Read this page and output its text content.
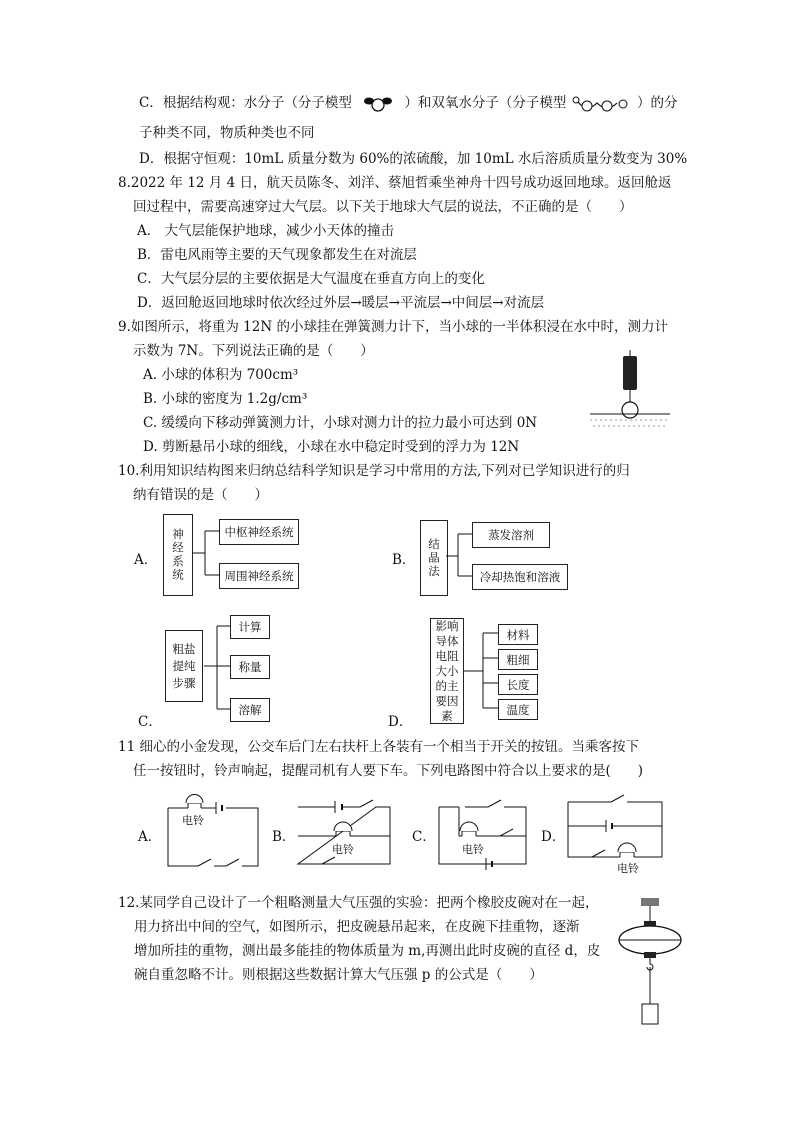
C．根据结构观：水分子（分子模型	）和双氧水分子（分子模型	）的分
子种类不同，物质种类也不同
D．根据守恒观：10mL 质量分数为 60%的浓硫酸，加 10mL 水后溶质质量分数变为 30%
8.2022 年 12 月 4 日，航天员陈冬、刘洋、蔡旭哲乘坐神舟十四号成功返回地球。返回舱返
回过程中，需要高速穿过大气层。以下关于地球大气层的说法，不正确的是（　　）
A． 大气层能保护地球，减少小天体的撞击
B．雷电风雨等主要的天气现象都发生在对流层
C．大气层分层的主要依据是大气温度在垂直方向上的变化
D．返回舱返回地球时依次经过外层→暖层→平流层→中间层→对流层
9.如图所示，将重为 12N 的小球挂在弹簧测力计下，当小球的一半体积浸在水中时，测力计
示数为 7N。下列说法正确的是（　　）
A. 小球的体积为 700cm³
B. 小球的密度为 1.2g/cm³
C. 缓缓向下移动弹簧测力计，小球对测力计的拉力最小可达到 0N
D. 剪断悬吊小球的细线，小球在水中稳定时受到的浮力为 12N
10.利用知识结构图来归纳总结科学知识是学习中常用的方法,下列对已学知识进行的归
纳有错误的是（　　）
A．	神经系统	中枢神经系统
周围神经系统
B．	结晶法
蒸发溶剂
冷却热饱和溶液
C．
粗盐提纯步骤
计算
称量
溶解
D．
影响导体电阻大小的主要因素
材料
粗细
长度
温度
11 细心的小金发现，公交车后门左右扶杆上各装有一个相当于开关的按钮。当乘客按下
任一按钮时，铃声响起，提醒司机有人要下车。下列电路图中符合以上要求的是(　　)
A．	B．	C．	D．
电铃
电铃	电铃
电铃
12.某同学自己设计了一个粗略测量大气压强的实验：把两个橡胶皮碗对在一起，
用力挤出中间的空气，如图所示，把皮碗悬吊起来，在皮碗下挂重物，逐渐
增加所挂的重物，测出最多能挂的物体质量为 m,再测出此时皮碗的直径 d，皮
碗自重忽略不计。则根据这些数据计算大气压强 p 的公式是（　　）
